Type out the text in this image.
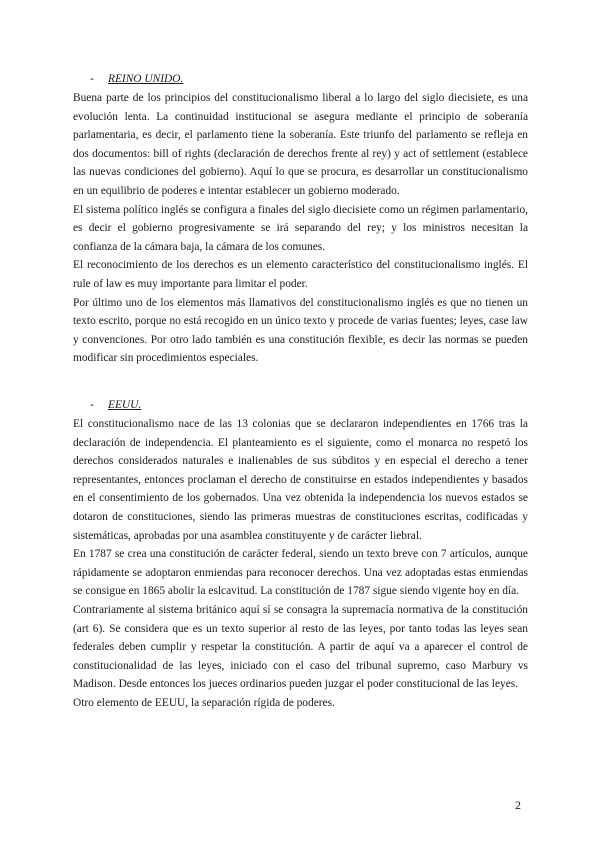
- REINO UNIDO.

Buena parte de los principios del constitucionalismo liberal a lo largo del siglo diecisiete, es una evolución lenta. La continuidad institucional se asegura mediante el principio de soberanía parlamentaria, es decir, el parlamento tiene la soberanía. Este triunfo del parlamento se refleja en dos documentos: bill of rights (declaración de derechos frente al rey) y act of settlement (establece las nuevas condiciones del gobierno). Aquí lo que se procura, es desarrollar un constitucionalismo en un equilibrio de poderes e intentar establecer un gobierno moderado.

El sistema político inglés se configura a finales del siglo diecisiete como un régimen parlamentario, es decir el gobierno progresivamente se irá separando del rey; y los ministros necesitan la confianza de la cámara baja, la cámara de los comunes.

El reconocimiento de los derechos es un elemento característico del constitucionalismo inglés. El rule of law es muy importante para limitar el poder.

Por último uno de los elementos más llamativos del constitucionalismo inglés es que no tienen un texto escrito, porque no está recogido en un único texto y procede de varias fuentes; leyes, case law y convenciones. Por otro lado también es una constitución flexible, es decir las normas se pueden modificar sin procedimientos especiales.

- EEUU.

El constitucionalismo nace de las 13 colonias que se declararon independientes en 1766 tras la declaración de independencia. El planteamiento es el siguiente, como el monarca no respetó los derechos considerados naturales e inalienables de sus súbditos y en especial el derecho a tener representantes, entonces proclaman el derecho de constituirse en estados independientes y basados en el consentimiento de los gobernados. Una vez obtenida la independencia los nuevos estados se dotaron de constituciones, siendo las primeras muestras de constituciones escritas, codificadas y sistemáticas, aprobadas por una asamblea constituyente y de carácter liebral.

En 1787 se crea una constitución de carácter federal, siendo un texto breve con 7 artículos, aunque rápidamente se adoptaron enmiendas para reconocer derechos. Una vez adoptadas estas enmiendas se consigue en 1865 abolir la eslcavitud. La constitución de 1787 sigue siendo vigente hoy en día.

Contrariamente al sistema británico aquí sí se consagra la supremacía normativa de la constitución (art 6). Se considera que es un texto superior al resto de las leyes, por tanto todas las leyes sean federales deben cumplir y respetar la constitución. A partir de aquí va a aparecer el control de constitucionalidad de las leyes, iniciado con el caso del tribunal supremo, caso Marbury vs Madison. Desde entonces los jueces ordinarios pueden juzgar el poder constitucional de las leyes.

Otro elemento de EEUU, la separación rígida de poderes.

2
